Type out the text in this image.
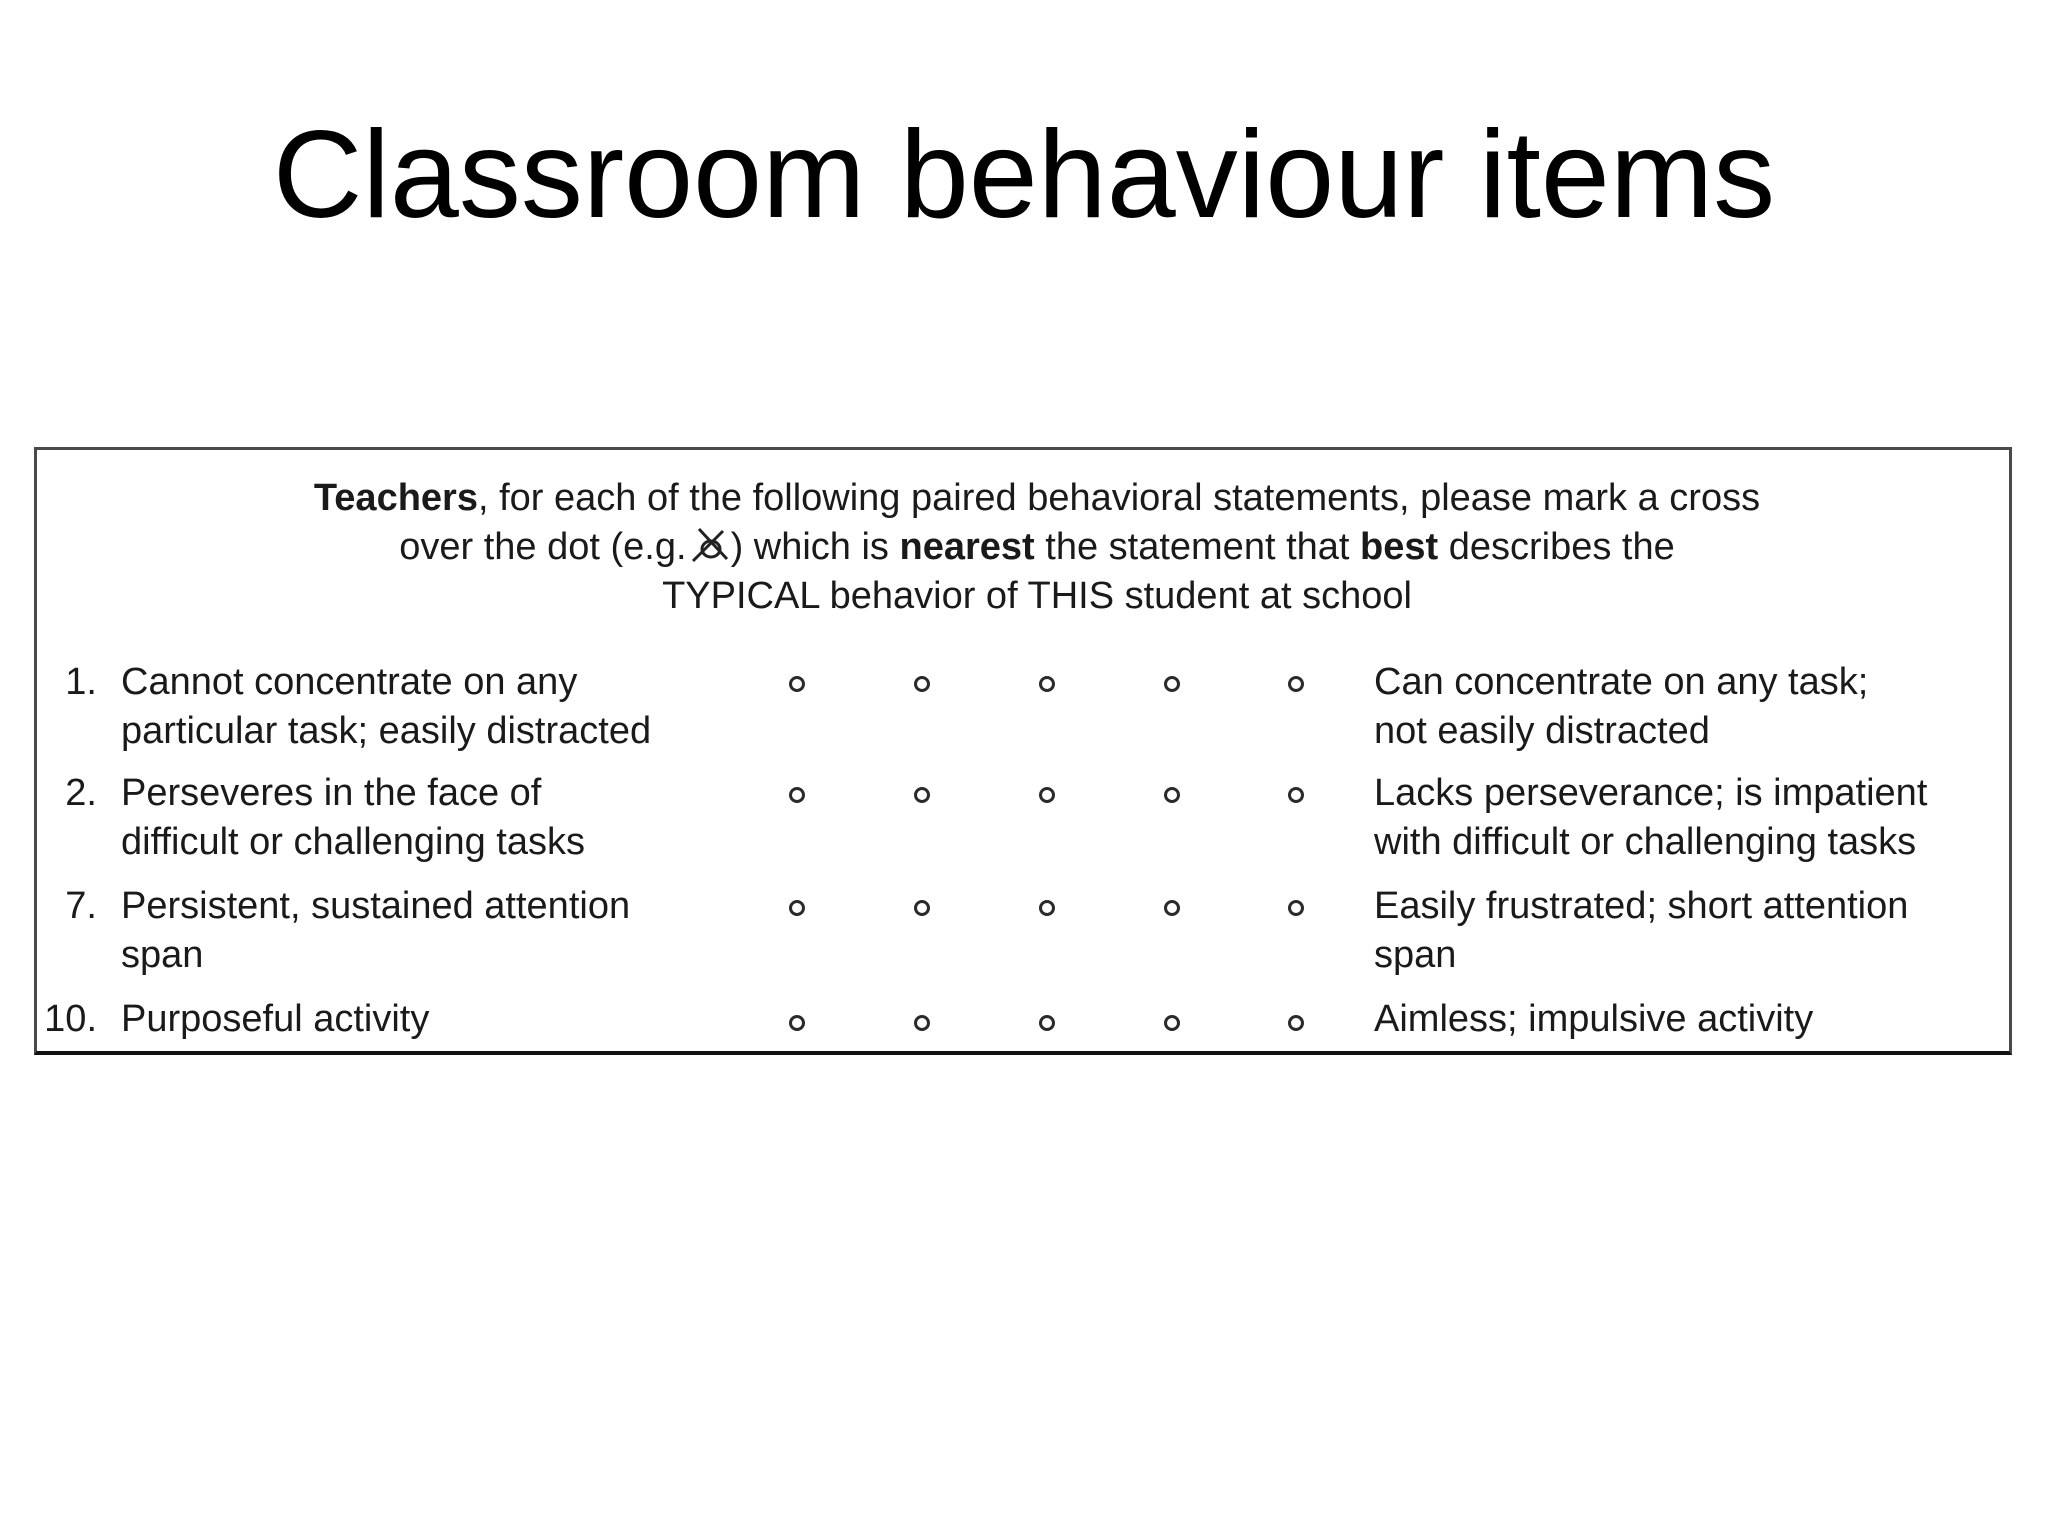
Classroom behaviour items
Teachers, for each of the following paired behavioral statements, please mark a cross
over the dot (e.g. ) which is nearest the statement that best describes the
TYPICAL behavior of THIS student at school
1. Cannot concentrate on any
particular task; easily distracted
Can concentrate on any task;
not easily distracted
2. Perseveres in the face of
difficult or challenging tasks
Lacks perseverance; is impatient
with difficult or challenging tasks
7. Persistent, sustained attention
span
Easily frustrated; short attention
span
10. Purposeful activity	Aimless; impulsive activity
